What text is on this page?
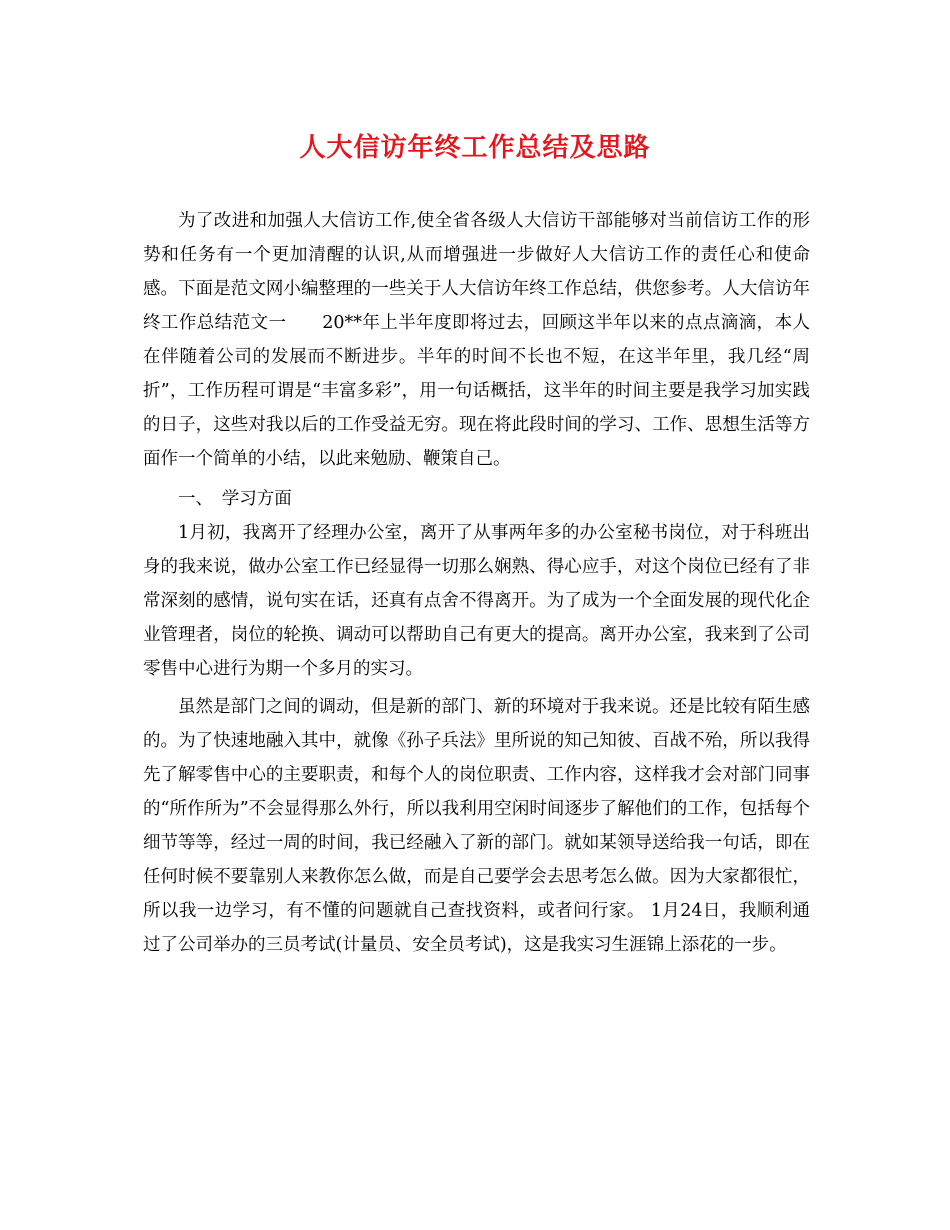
人大信访年终工作总结及思路

为了改进和加强人大信访工作,使全省各级人大信访干部能够对当前信访工作的形势和任务有一个更加清醒的认识,从而增强进一步做好人大信访工作的责任心和使命感。下面是范文网小编整理的一些关于人大信访年终工作总结，供您参考。人大信访年终工作总结范文一　　20**年上半年度即将过去，回顾这半年以来的点点滴滴，本人在伴随着公司的发展而不断进步。半年的时间不长也不短，在这半年里，我几经“周折”，工作历程可谓是“丰富多彩”，用一句话概括，这半年的时间主要是我学习加实践的日子，这些对我以后的工作受益无穷。现在将此段时间的学习、工作、思想生活等方面作一个简单的小结，以此来勉励、鞭策自己。

一、　学习方面

1月初，我离开了经理办公室，离开了从事两年多的办公室秘书岗位，对于科班出身的我来说，做办公室工作已经显得一切那么娴熟、得心应手，对这个岗位已经有了非常深刻的感情，说句实在话，还真有点舍不得离开。为了成为一个全面发展的现代化企业管理者，岗位的轮换、调动可以帮助自己有更大的提高。离开办公室，我来到了公司零售中心进行为期一个多月的实习。

虽然是部门之间的调动，但是新的部门、新的环境对于我来说。还是比较有陌生感的。为了快速地融入其中，就像《孙子兵法》里所说的知己知彼、百战不殆，所以我得先了解零售中心的主要职责，和每个人的岗位职责、工作内容，这样我才会对部门同事的“所作所为”不会显得那么外行，所以我利用空闲时间逐步了解他们的工作，包括每个细节等等，经过一周的时间，我已经融入了新的部门。就如某领导送给我一句话，即在任何时候不要靠别人来教你怎么做，而是自己要学会去思考怎么做。因为大家都很忙，所以我一边学习，有不懂的问题就自己查找资料，或者问行家。 1月24日，我顺利通过了公司举办的三员考试(计量员、安全员考试)，这是我实习生涯锦上添花的一步。
